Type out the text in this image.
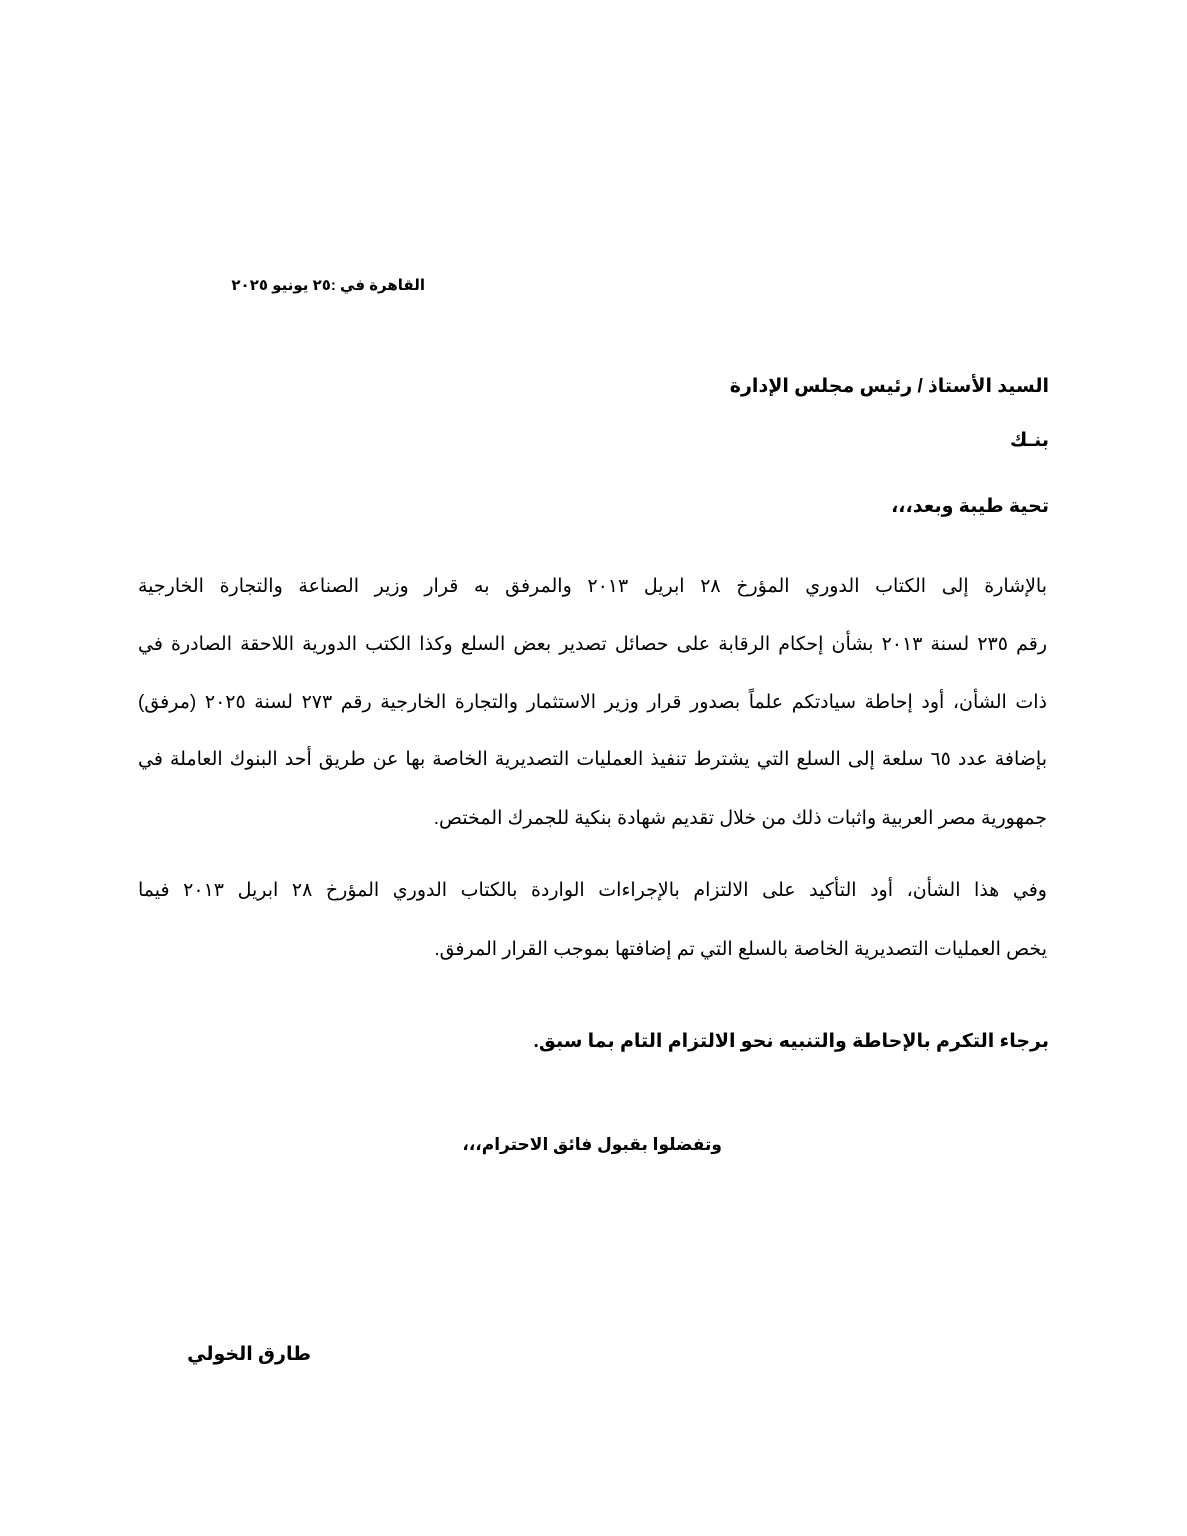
القاهرة في :٢٥ يونيو ٢٠٢٥
السيد الأستاذ / رئيس مجلس الإدارة
بنـك
تحية طيبة وبعد،،،
بالإشارة إلى الكتاب الدوري المؤرخ ٢٨ ابريل ٢٠١٣ والمرفق به قرار وزير الصناعة والتجارة الخارجية
رقم ٢٣٥ لسنة ٢٠١٣ بشأن إحكام الرقابة على حصائل تصدير بعض السلع وكذا الكتب الدورية اللاحقة الصادرة في
ذات الشأن، أود إحاطة سيادتكم علماً بصدور قرار وزير الاستثمار والتجارة الخارجية رقم ٢٧٣ لسنة ٢٠٢٥ (مرفق)
بإضافة عدد ٦٥ سلعة إلى السلع التي يشترط تنفيذ العمليات التصديرية الخاصة بها عن طريق أحد البنوك العاملة في
جمهورية مصر العربية واثبات ذلك من خلال تقديم شهادة بنكية للجمرك المختص.
وفي هذا الشأن، أود التأكيد على الالتزام بالإجراءات الواردة بالكتاب الدوري المؤرخ ٢٨ ابريل ٢٠١٣ فيما
يخص العمليات التصديرية الخاصة بالسلع التي تم إضافتها بموجب القرار المرفق.
برجاء التكرم بالإحاطة والتنبيه نحو الالتزام التام بما سبق.
وتفضلوا بقبول فائق الاحترام،،،
طارق الخولي
